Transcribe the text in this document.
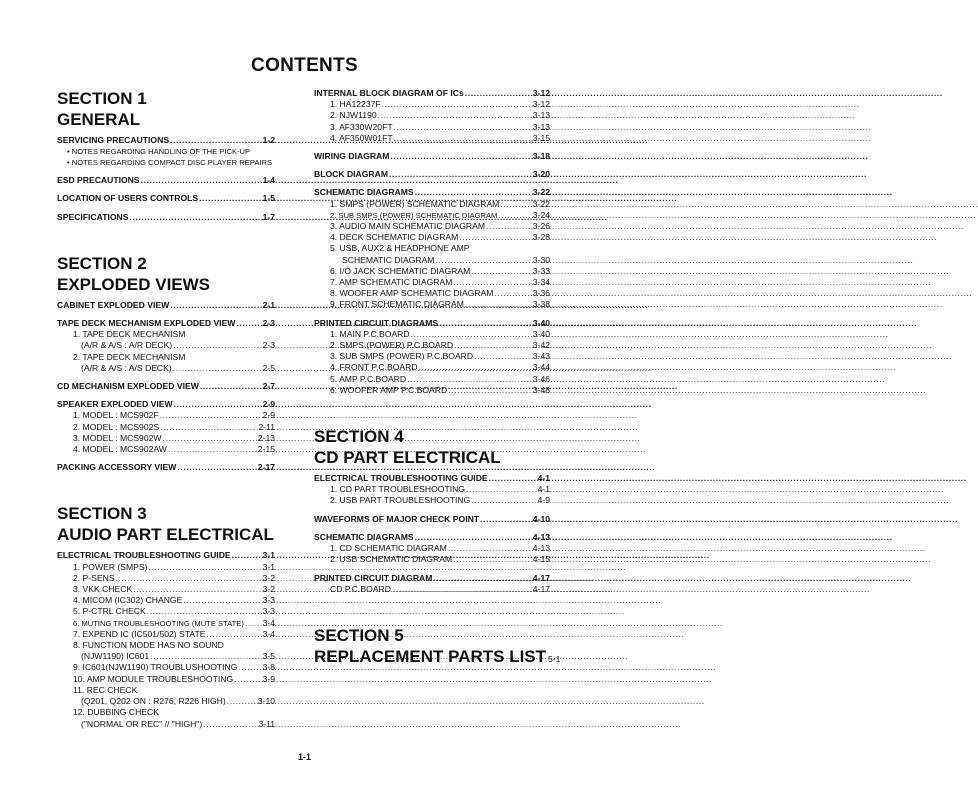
CONTENTS
SECTION 1
GENERAL
SERVICING PRECAUTIONS .....	1-2
• NOTES REGARDING HANDLING OF THE PICK-UP
• NOTES REGARDING COMPACT DISC PLAYER REPAIRS
ESD PRECAUTIONS .....	1-4
LOCATION OF USERS CONTROLS .....	1-5
SPECIFICATIONS .....	1-7
SECTION 2
EXPLODED VIEWS
CABINET EXPLODED VIEW .....	2-1
TAPE DECK MECHANISM EXPLODED VIEW .....	2-3
1. TAPE DECK MECHANISM
(A/R & A/S : A/R DECK) .....	2-3
2. TAPE DECK MECHANISM
(A/R & A/S : A/S DECK) .....	2-5
CD MECHANISM EXPLODED VIEW .....	2-7
SPEAKER EXPLODED VIEW .....	2-9
1. MODEL : MCS902F .....	2-9
2. MODEL : MCS902S .....	2-11
3. MODEL : MCS902W .....	2-13
4. MODEL : MCS902AW .....	2-15
PACKING ACCESSORY VIEW .....	2-17
SECTION 3
AUDIO PART ELECTRICAL
ELECTRICAL TROUBLESHOOTING GUIDE .....	3-1
1. POWER (SMPS) .....	3-1
2. P-SENS .....	3-2
3. VKK CHECK .....	3-2
4. MICOM (IC302) CHANGE .....	3-3
5. P-CTRL CHECK .....	3-3
6. MUTING TROUBLESHOOTING (MUTE STATE) ..... 3-4
7. EXPEND IC (IC501/502) STATE .....	3-4
8. FUNCTION MODE HAS NO SOUND
(NJW1190) IC601 .....	3-5
9. IC601(NJW1190) TROUBLUSHOOTING .....	3-8
10. AMP MODULE TROUBLESHOOTING .....	3-9
11. REC CHECK
(Q201, Q202 ON : R276, R226 HIGH) .....	3-10
12. DUBBING CHECK
("NORMAL OR REC" // "HIGH") .....	3-11
INTERNAL BLOCK DIAGRAM OF ICs .....	3-12
1. HA12237F .....	3-12
2. NJW1190 .....	3-13
3. AF330W20FT .....	3-13
4. AF350W01FT .....	3-15
WIRING DIAGRAM .....	3-18
BLOCK DIAGRAM .....	3-20
SCHEMATIC DIAGRAMS .....	3-22
1. SMPS (POWER) SCHEMATIC DIAGRAM .....	3-22
2. SUB SMPS (POWER) SCHEMATIC DIAGRAM .....	3-24
3. AUDIO MAIN SCHEMATIC DIAGRAM .....	3-26
4. DECK SCHEMATIC DIAGRAM .....	3-28
5. USB, AUX2 & HEADPHONE AMP
SCHEMATIC DIAGRAM .....	3-30
6. I/O JACK SCHEMATIC DIAGRAM .....	3-33
7. AMP SCHEMATIC DIAGRAM .....	3-34
8. WOOFER AMP SCHEMATIC DIAGRAM .....	3-36
9. FRONT SCHEMATIC DIAGRAM .....	3-38
PRINTED CIRCUIT DIAGRAMS .....	3-40
1. MAIN P.C.BOARD .....	3-40
2. SMPS (POWER) P.C.BOARD .....	3-42
3. SUB SMPS (POWER) P.C.BOARD .....	3-43
4. FRONT P.C.BOARD .....	3-44
5. AMP P.C.BOARD .....	3-46
6. WOOFER AMP P.C.BOARD .....	3-48
SECTION 4
CD PART ELECTRICAL
ELECTRICAL TROUBLESHOOTING GUIDE .....	4-1
1. CD PART TROUBLESHOOTING .....	4-1
2. USB PART TROUBLESHOOTING .....	4-9
WAVEFORMS OF MAJOR CHECK POINT .....	4-10
SCHEMATIC DIAGRAMS .....	4-13
1. CD SCHEMATIC DIAGRAM .....	4-13
2. USB SCHEMATIC DIAGRAM .....	4-15
PRINTED CIRCUIT DIAGRAM .....	4-17
CD P.C.BOARD .....	4-17
SECTION 5
REPLACEMENT PARTS LIST 5-1
1-1
